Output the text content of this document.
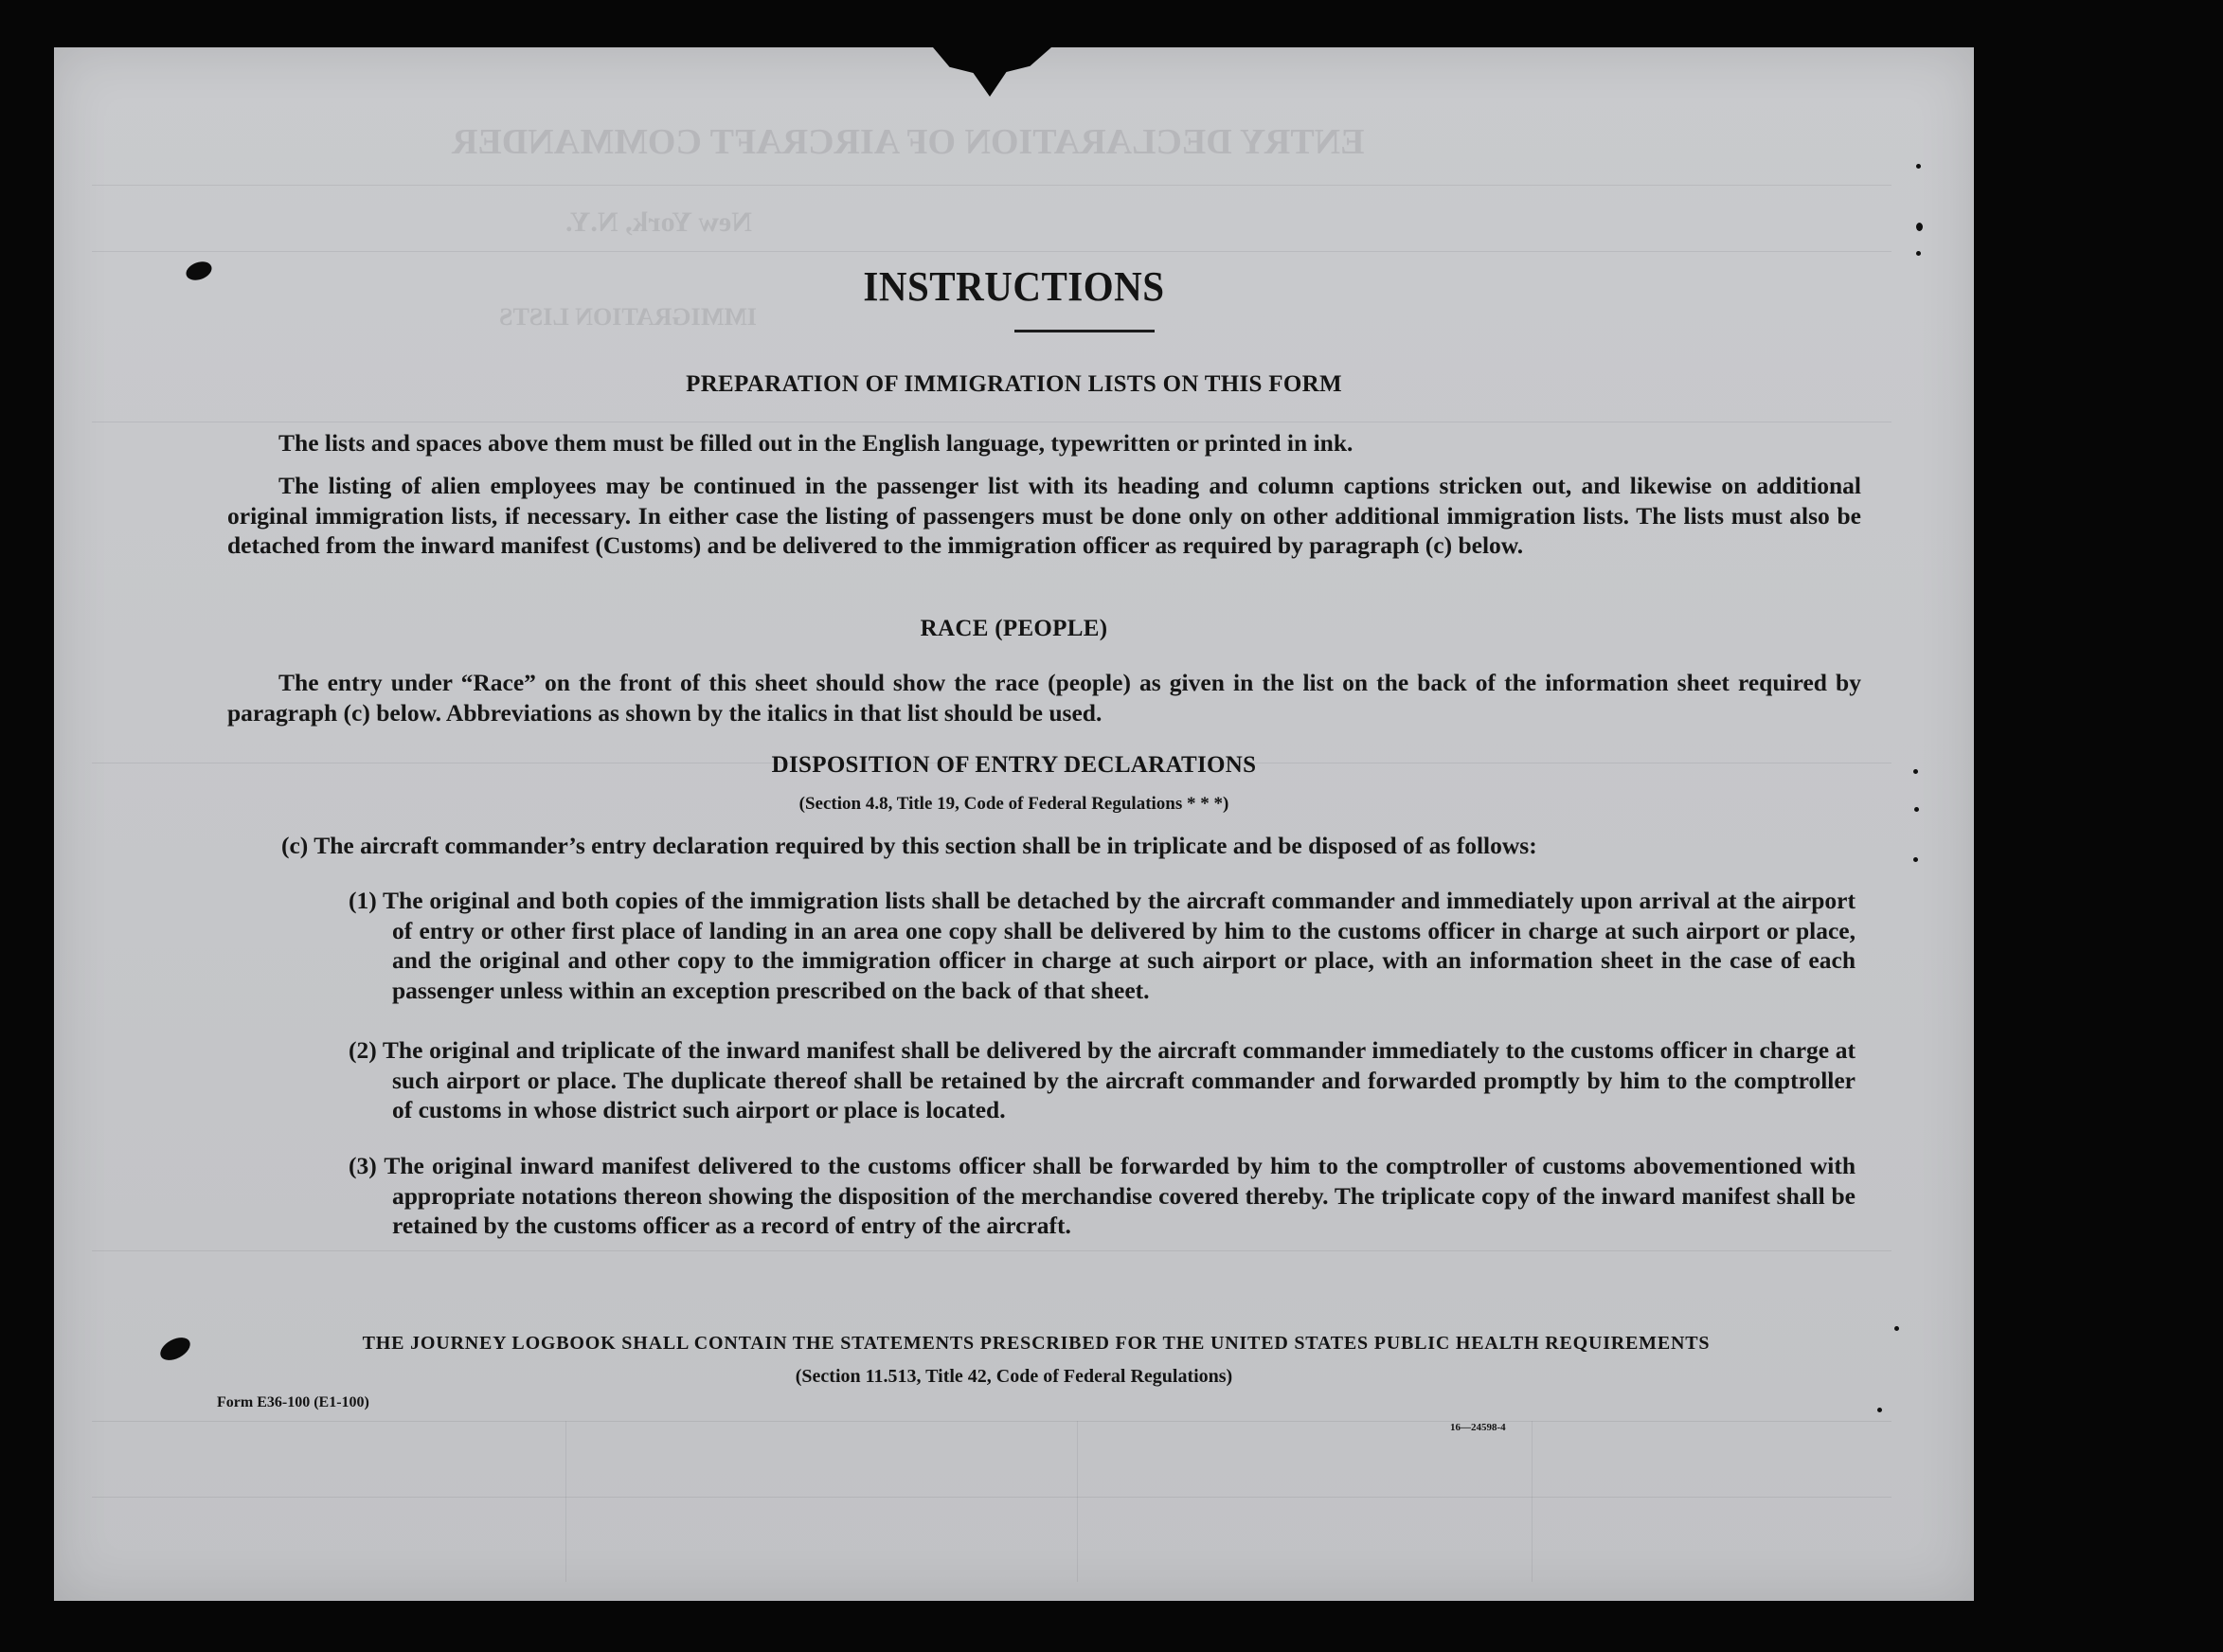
ENTRY DECLARATION OF AIRCRAFT COMMANDER
New York, N.Y.
IMMIGRATION LISTS
INSTRUCTIONS
PREPARATION OF IMMIGRATION LISTS ON THIS FORM

The lists and spaces above them must be filled out in the English language, typewritten or printed in ink.

The listing of alien employees may be continued in the passenger list with its heading and column captions stricken out, and likewise on additional original immigration lists, if necessary. In either case the listing of passengers must be done only on other additional immigration lists. The lists must also be detached from the inward manifest (Customs) and be delivered to the immigration officer as required by paragraph (c) below.

RACE (PEOPLE)

The entry under “Race” on the front of this sheet should show the race (people) as given in the list on the back of the information sheet required by paragraph (c) below. Abbreviations as shown by the italics in that list should be used.

DISPOSITION OF ENTRY DECLARATIONS
(Section 4.8, Title 19, Code of Federal Regulations * * *)

(c) The aircraft commander’s entry declaration required by this section shall be in triplicate and be disposed of as follows:

(1) The original and both copies of the immigration lists shall be detached by the aircraft commander and immediately upon arrival at the airport of entry or other first place of landing in an area one copy shall be delivered by him to the customs officer in charge at such airport or place, and the original and other copy to the immigration officer in charge at such airport or place, with an information sheet in the case of each passenger unless within an exception prescribed on the back of that sheet.

(2) The original and triplicate of the inward manifest shall be delivered by the aircraft commander immediately to the customs officer in charge at such airport or place. The duplicate thereof shall be retained by the aircraft commander and forwarded promptly by him to the comptroller of customs in whose district such airport or place is located.

(3) The original inward manifest delivered to the customs officer shall be forwarded by him to the comptroller of customs abovementioned with appropriate notations thereon showing the disposition of the merchandise covered thereby. The triplicate copy of the inward manifest shall be retained by the customs officer as a record of entry of the aircraft.

THE JOURNEY LOGBOOK SHALL CONTAIN THE STATEMENTS PRESCRIBED FOR THE UNITED STATES PUBLIC HEALTH REQUIREMENTS

(Section 11.513, Title 42, Code of Federal Regulations)
Form E36-100 (E1-100)
16—24598-4
